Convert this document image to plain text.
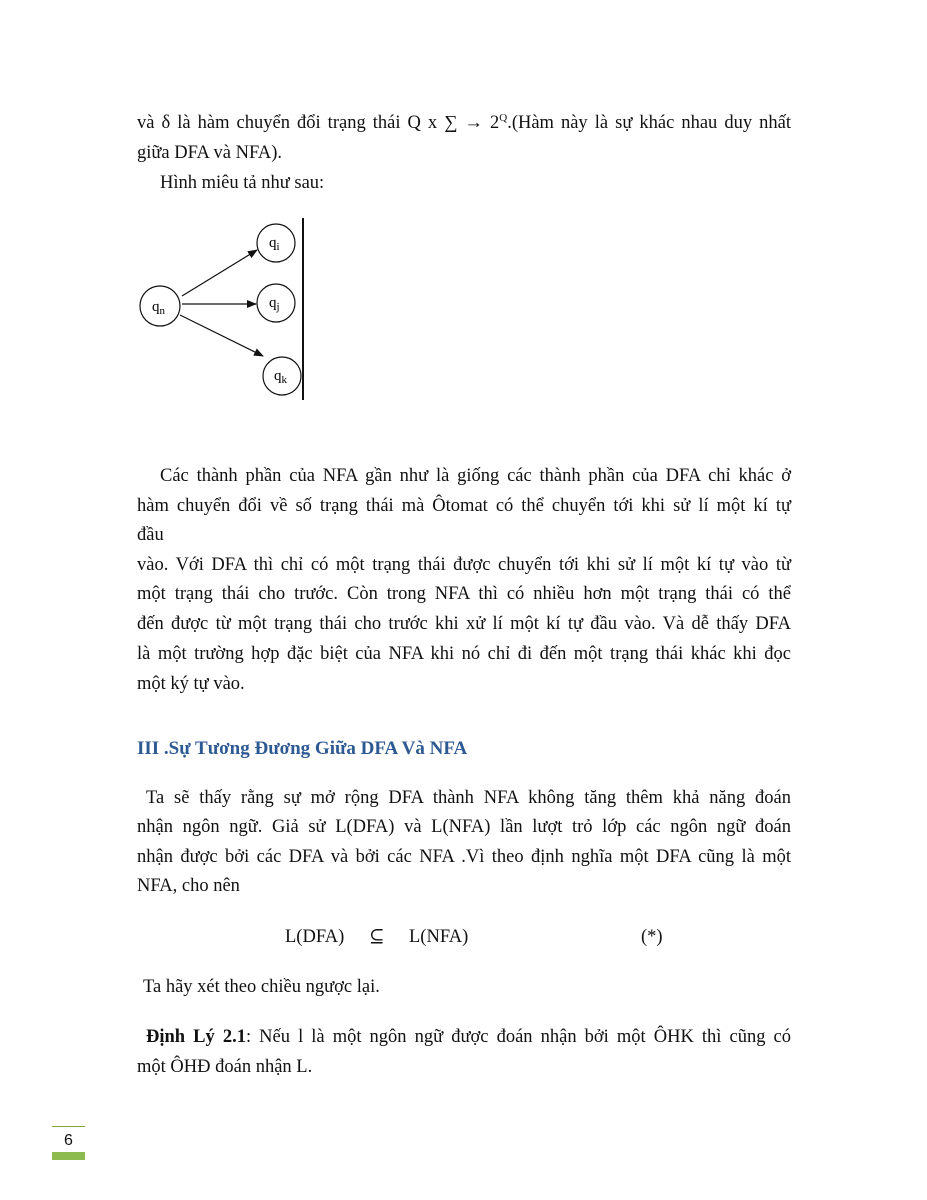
và δ là hàm chuyển đổi trạng thái Q x ∑ → $2^Q.(Hàm$ này là sự khác nhau duy nhất
giữa DFA và NFA).
Hình miêu tả như sau:
$q_n$
$q_i$
$q_j$
$q_k$
Các thành phần của NFA gần như là giống các thành phần của DFA chỉ khác ở
hàm chuyển đổi về số trạng thái mà Ôtomat có thể chuyển tới khi sử lí một kí tự
đầu
vào. Với DFA thì chỉ có một trạng thái được chuyển tới khi sử lí một kí tự vào từ
một trạng thái cho trước. Còn trong NFA thì có nhiều hơn một trạng thái có thể
đến được từ một trạng thái cho trước khi xử lí một kí tự đầu vào. Và dễ thấy DFA
là một trường hợp đặc biệt của NFA khi nó chỉ đi đến một trạng thái khác khi đọc
một ký tự vào.
III .Sự Tương Đương Giữa DFA Và NFA
Ta sẽ thấy rằng sự mở rộng DFA thành NFA không tăng thêm khả năng đoán
nhận ngôn ngữ. Giả sử L(DFA) và L(NFA) lần lượt trỏ lớp các ngôn ngữ đoán
nhận được bởi các DFA và bởi các NFA .Vì theo định nghĩa một DFA cũng là một
NFA, cho nên
L(DFA) ⊆ L(NFA)	(*)
Ta hãy xét theo chiều ngược lại.
Định Lý 2.1: Nếu l là một ngôn ngữ được đoán nhận bởi một ÔHK thì cũng có
một ÔHĐ đoán nhận L.
6
